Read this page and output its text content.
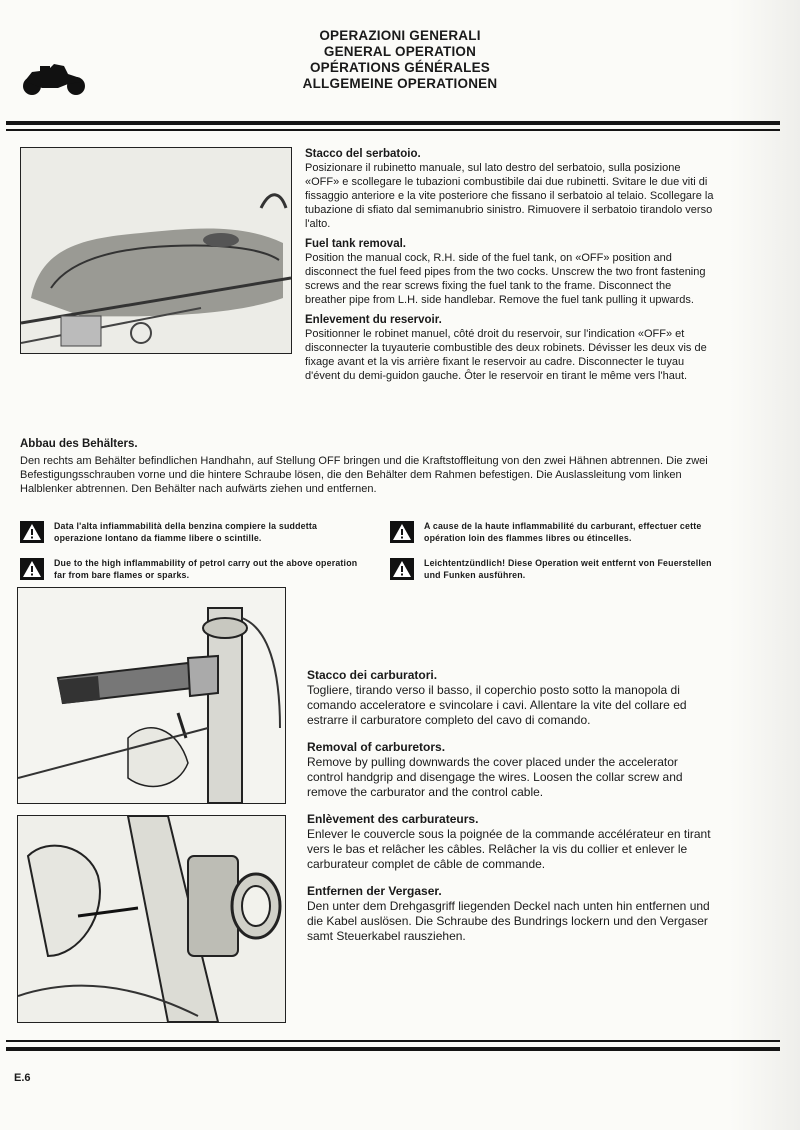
OPERAZIONI GENERALI
GENERAL OPERATION
OPÉRATIONS GÉNÉRALES
ALLGEMEINE OPERATIONEN
Stacco del serbatoio.
Posizionare il rubinetto manuale, sul lato destro del serbatoio, sulla posizione «OFF» e scollegare le tubazioni combustibile dai due rubinetti. Svitare le due viti di fissaggio anteriore e la vite posteriore che fissano il serbatoio al telaio. Scollegare la tubazione di sfiato dal semimanubrio sinistro. Rimuovere il serbatoio tirandolo verso l'alto.
Fuel tank removal.
Position the manual cock, R.H. side of the fuel tank, on «OFF» position and disconnect the fuel feed pipes from the two cocks. Unscrew the two front fastening screws and the rear screws fixing the fuel tank to the frame. Disconnect the breather pipe from L.H. side handlebar. Remove the fuel tank pulling it upwards.
Enlevement du reservoir.
Positionner le robinet manuel, côté droit du reservoir, sur l'indication «OFF» et disconnecter la tuyauterie combustible des deux robinets. Dévisser les deux vis de fixage avant et la vis arrière fixant le reservoir au cadre. Disconnecter le tuyau d'évent du demi-guidon gauche. Ôter le reservoir en tirant le même vers l'haut.
Abbau des Behälters.
Den rechts am Behälter befindlichen Handhahn, auf Stellung OFF bringen und die Kraftstoffleitung von den zwei Hähnen abtrennen. Die zwei Befestigungsschrauben vorne und die hintere Schraube lösen, die den Behälter dem Rahmen befestigen. Die Auslassleitung vom linken Halblenker abtrennen. Den Behälter nach aufwärts ziehen und entfernen.
Data l'alta infiammabilità della benzina compiere la suddetta operazione lontano da fiamme libere o scintille.
A cause de la haute inflammabilité du carburant, effectuer cette opération loin des flammes libres ou étincelles.
Due to the high inflammability of petrol carry out the above operation far from bare flames or sparks.
Leichtentzündlich! Diese Operation weit entfernt von Feuerstellen und Funken ausführen.
Stacco dei carburatori.
Togliere, tirando verso il basso, il coperchio posto sotto la manopola di comando acceleratore e svincolare i cavi. Allentare la vite del collare ed estrarre il carburatore completo del cavo di comando.
Removal of carburetors.
Remove by pulling downwards the cover placed under the accelerator control handgrip and disengage the wires. Loosen the collar screw and remove the carburator and the control cable.
Enlèvement des carburateurs.
Enlever le couvercle sous la poignée de la commande accélérateur en tirant vers le bas et relâcher les câbles. Relâcher la vis du collier et enlever le carburateur complet de câble de commande.
Entfernen der Vergaser.
Den unter dem Drehgasgriff liegenden Deckel nach unten hin entfernen und die Kabel auslösen. Die Schraube des Bundrings lockern und den Vergaser samt Steuerkabel rausziehen.
E.6
